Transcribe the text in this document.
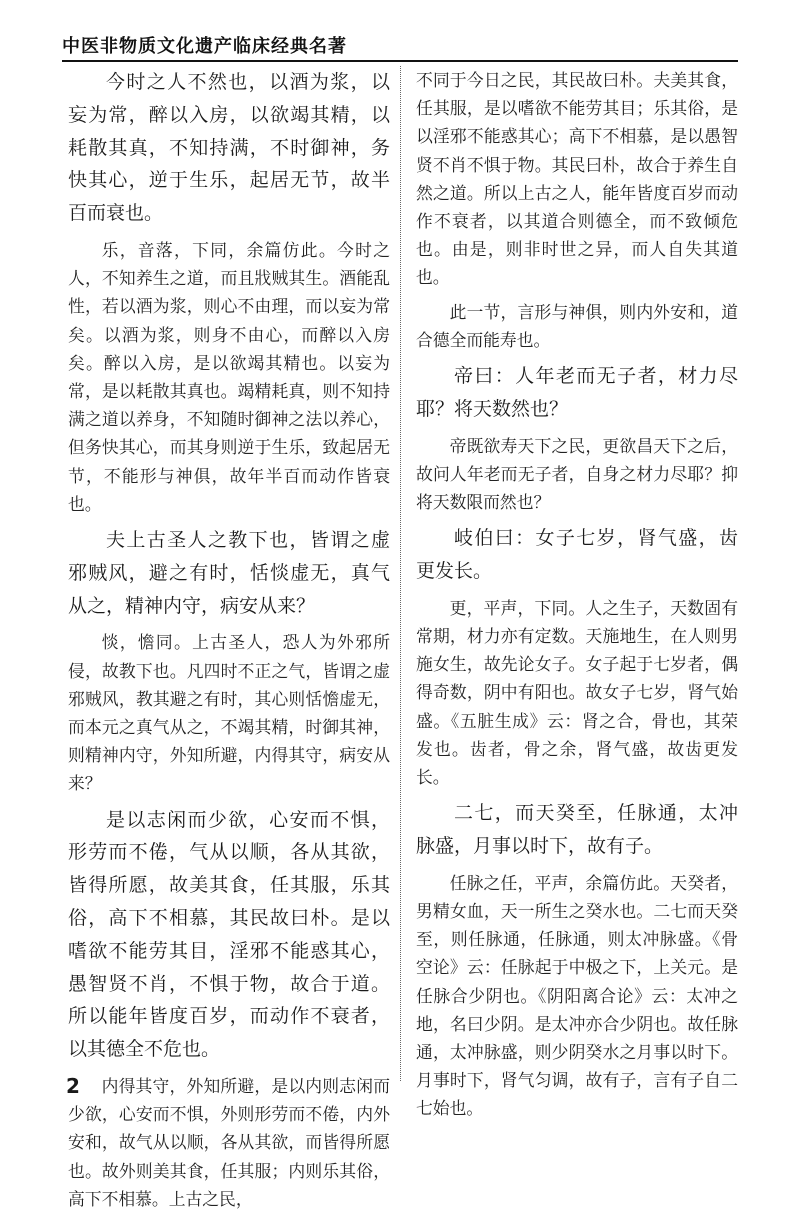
中医非物质文化遗产临床经典名著

今时之人不然也，以酒为浆，以妄为常，醉以入房，以欲竭其精，以耗散其真，不知持满，不时御神，务快其心，逆于生乐，起居无节，故半百而衰也。

乐，音落，下同，余篇仿此。今时之人，不知养生之道，而且戕贼其生。酒能乱性，若以酒为浆，则心不由理，而以妄为常矣。以酒为浆，则身不由心，而醉以入房矣。醉以入房，是以欲竭其精也。以妄为常，是以耗散其真也。竭精耗真，则不知持满之道以养身，不知随时御神之法以养心，但务快其心，而其身则逆于生乐，致起居无节，不能形与神俱，故年半百而动作皆衰也。

夫上古圣人之教下也，皆谓之虚邪贼风，避之有时，恬惔虚无，真气从之，精神内守，病安从来？

惔，憺同。上古圣人，恐人为外邪所侵，故教下也。凡四时不正之气，皆谓之虚邪贼风，教其避之有时，其心则恬憺虚无，而本元之真气从之，不竭其精，时御其神，则精神内守，外知所避，内得其守，病安从来？

是以志闲而少欲，心安而不惧，形劳而不倦，气从以顺，各从其欲，皆得所愿，故美其食，任其服，乐其俗，高下不相慕，其民故曰朴。是以嗜欲不能劳其目，淫邪不能惑其心，愚智贤不肖，不惧于物，故合于道。所以能年皆度百岁，而动作不衰者，以其德全不危也。

内得其守，外知所避，是以内则志闲而少欲，心安而不惧，外则形劳而不倦，内外安和，故气从以顺，各从其欲，而皆得所愿也。故外则美其食，任其服；内则乐其俗，高下不相慕。上古之民，

不同于今日之民，其民故曰朴。夫美其食，任其服，是以嗜欲不能劳其目；乐其俗，是以淫邪不能惑其心；高下不相慕，是以愚智贤不肖不惧于物。其民曰朴，故合于养生自然之道。所以上古之人，能年皆度百岁而动作不衰者，以其道合则德全，而不致倾危也。由是，则非时世之异，而人自失其道也。

此一节，言形与神俱，则内外安和，道合德全而能寿也。

帝曰：人年老而无子者，材力尽耶？将天数然也？

帝既欲寿天下之民，更欲昌天下之后，故问人年老而无子者，自身之材力尽耶？抑将天数限而然也？

岐伯曰：女子七岁，肾气盛，齿更发长。

更，平声，下同。人之生子，天数固有常期，材力亦有定数。天施地生，在人则男施女生，故先论女子。女子起于七岁者，偶得奇数，阴中有阳也。故女子七岁，肾气始盛。《五脏生成》云：肾之合，骨也，其荣发也。齿者，骨之余，肾气盛，故齿更发长。

二七，而天癸至，任脉通，太冲脉盛，月事以时下，故有子。

任脉之任，平声，余篇仿此。天癸者，男精女血，天一所生之癸水也。二七而天癸至，则任脉通，任脉通，则太冲脉盛。《骨空论》云：任脉起于中极之下，上关元。是任脉合少阴也。《阴阳离合论》云：太冲之地，名曰少阴。是太冲亦合少阴也。故任脉通，太冲脉盛，则少阴癸水之月事以时下。月事时下，肾气匀调，故有子，言有子自二七始也。

2
